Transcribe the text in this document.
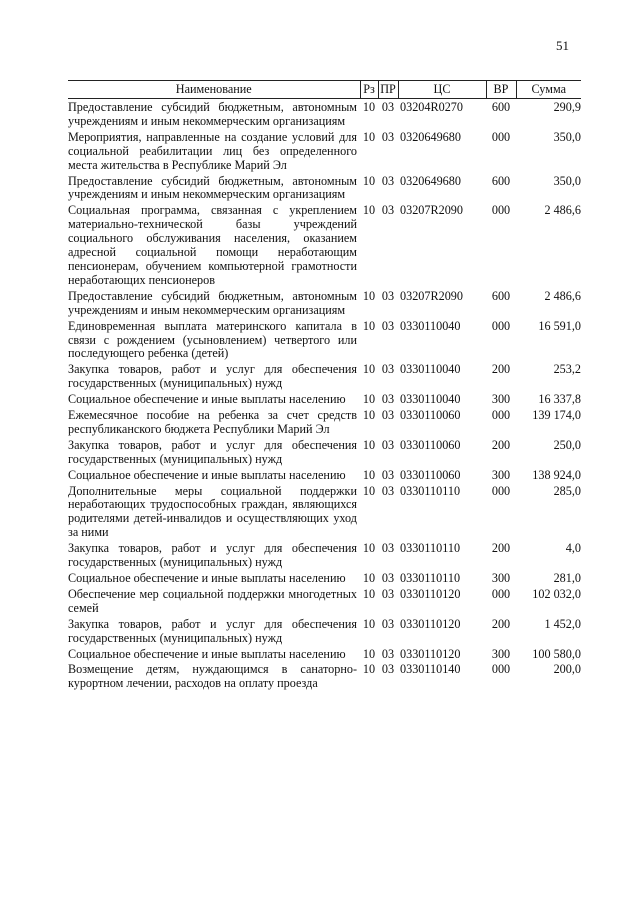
51
Наименование	Рз	ПР	ЦС	ВР	Сумма
Предоставление субсидий бюджетным, автономным учреждениям и иным некоммерческим организациям	10	03	03204R0270	600	290,9
Мероприятия, направленные на создание условий для социальной реабилитации лиц без определенного места жительства в Республике Марий Эл	10	03	0320649680	000	350,0
Предоставление субсидий бюджетным, автономным учреждениям и иным некоммерческим организациям	10	03	0320649680	600	350,0
Социальная программа, связанная с укреплением материально-технической базы учреждений социального обслуживания населения, оказанием адресной социальной помощи неработающим пенсионерам, обучением компьютерной грамотности неработающих пенсионеров	10	03	03207R2090	000	2 486,6
Предоставление субсидий бюджетным, автономным учреждениям и иным некоммерческим организациям	10	03	03207R2090	600	2 486,6
Единовременная выплата материнского капитала в связи с рождением (усыновлением) четвертого или последующего ребенка (детей)	10	03	0330110040	000	16 591,0
Закупка товаров, работ и услуг для обеспечения государственных (муниципальных) нужд	10	03	0330110040	200	253,2
Социальное обеспечение и иные выплаты населению	10	03	0330110040	300	16 337,8
Ежемесячное пособие на ребенка за счет средств республиканского бюджета Республики Марий Эл	10	03	0330110060	000	139 174,0
Закупка товаров, работ и услуг для обеспечения государственных (муниципальных) нужд	10	03	0330110060	200	250,0
Социальное обеспечение и иные выплаты населению	10	03	0330110060	300	138 924,0
Дополнительные меры социальной поддержки неработающих трудоспособных граждан, являющихся родителями детей-инвалидов и осуществляющих уход за ними	10	03	0330110110	000	285,0
Закупка товаров, работ и услуг для обеспечения государственных (муниципальных) нужд	10	03	0330110110	200	4,0
Социальное обеспечение и иные выплаты населению	10	03	0330110110	300	281,0
Обеспечение мер социальной поддержки многодетных семей	10	03	0330110120	000	102 032,0
Закупка товаров, работ и услуг для обеспечения государственных (муниципальных) нужд	10	03	0330110120	200	1 452,0
Социальное обеспечение и иные выплаты населению	10	03	0330110120	300	100 580,0
Возмещение детям, нуждающимся в санаторно-курортном лечении, расходов на оплату проезда	10	03	0330110140	000	200,0
